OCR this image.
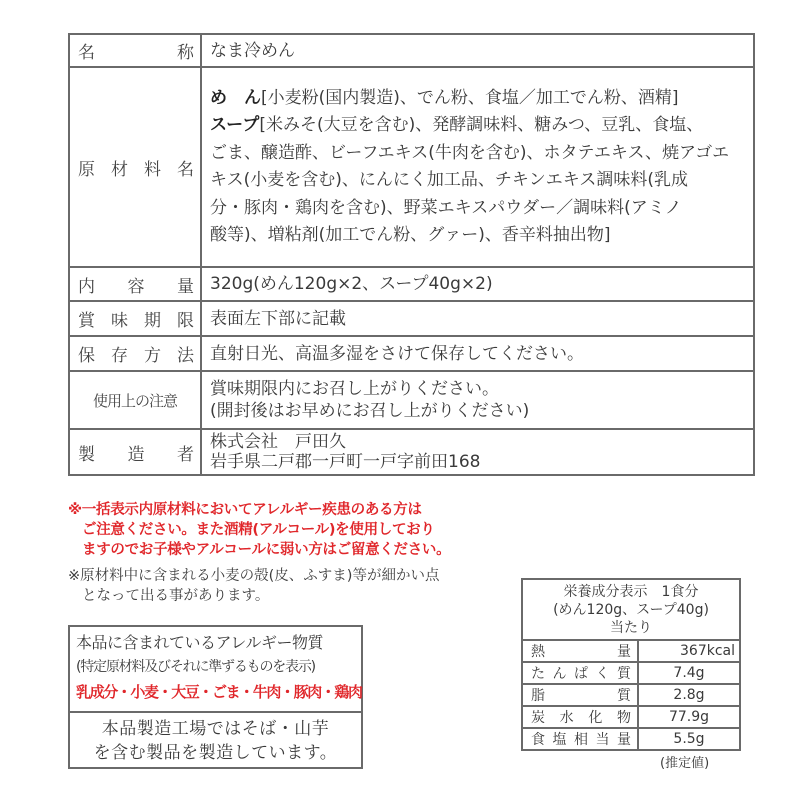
名　　称	なま冷めん
原材料名	
め　ん[小麦粉(国内製造)、でん粉、食塩／加工でん粉、酒精]
スープ[米みそ(大豆を含む)、発酵調味料、糖みつ、豆乳、食塩、
ごま、醸造酢、ビーフエキス(牛肉を含む)、ホタテエキス、焼アゴエ
キス(小麦を含む)、にんにく加工品、チキンエキス調味料(乳成
分・豚肉・鶏肉を含む)、野菜エキスパウダー／調味料(アミノ
酸等)、増粘剤(加工でん粉、グァー)、香辛料抽出物]

内　容　量	320g(めん120g×2、スープ40g×2)
賞味期限	表面左下部に記載
保存方法	直射日光、高温多湿をさけて保存してください。
使用上の注意	賞味期限内にお召し上がりください。
(開封後はお早めにお召し上がりください)

製　造　者	株式会社　戸田久
岩手県二戸郡一戸町一戸字前田168
※一括表示内原材料においてアレルギー疾患のある方は
ご注意ください。また酒精(アルコール)を使用しており
ますのでお子様やアルコールに弱い方はご留意ください。
※原材料中に含まれる小麦の殻(皮、ふすま)等が細かい点
となって出る事があります。
本品に含まれているアレルギー物質
(特定原材料及びそれに準ずるものを表示)
乳成分・小麦・大豆・ごま・牛肉・豚肉・鶏肉
本品製造工場ではそば・山芋
を含む製品を製造しています。
栄養成分表示　1食分
(めん120g、スープ40g)
当たり	

熱　量	367kcal
たんぱく質	7.4g
脂　質	2.8g
炭水化物	77.9g
食塩相当量	5.5g
(推定値)
